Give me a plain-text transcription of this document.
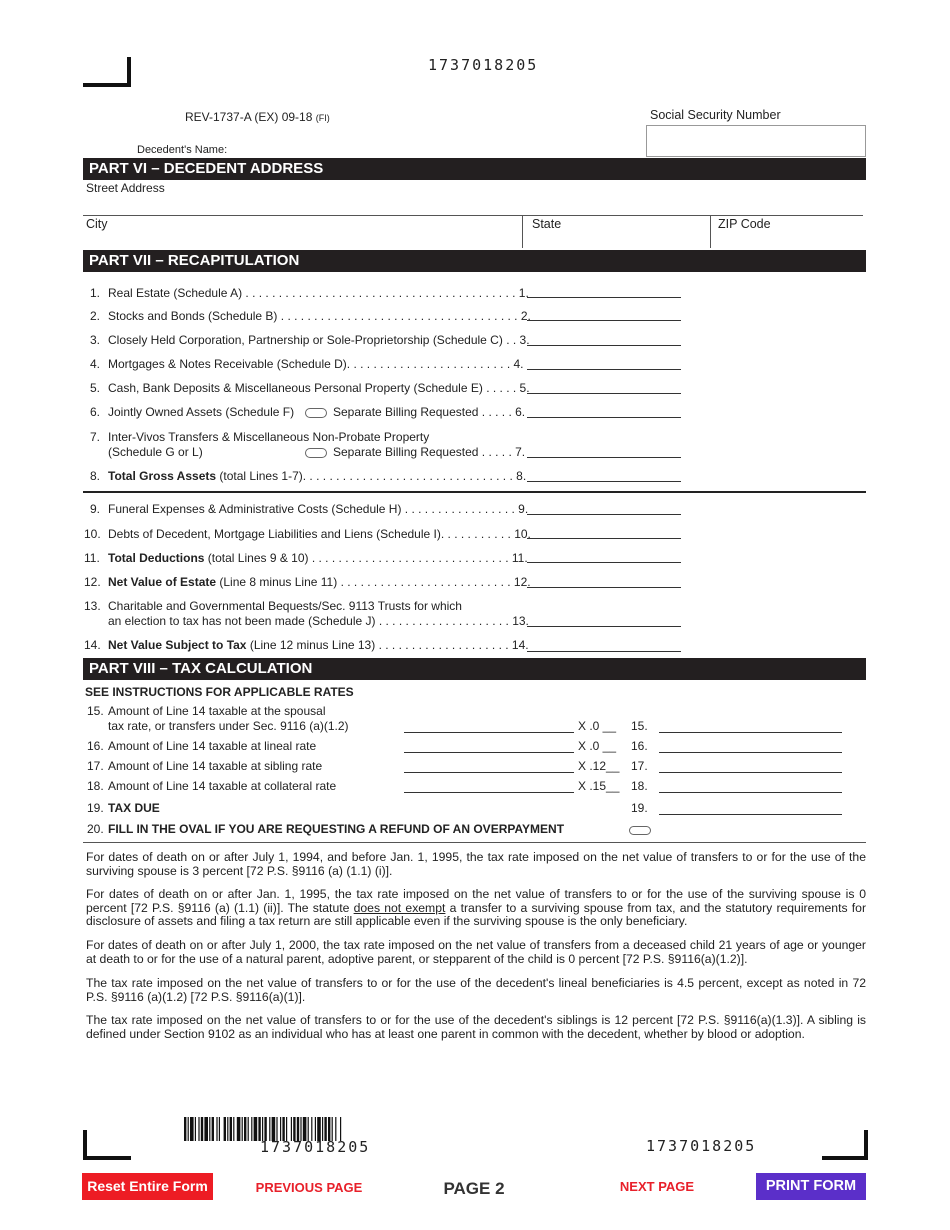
1737018205
REV-1737-A (EX) 09-18 (FI)	Social Security Number
Decedent's Name:
PART VI – DECEDENT ADDRESS
Street Address
City	State	ZIP Code
PART VII – RECAPITULATION
1. Real Estate (Schedule A) . . . . . . . . . . . . . . . . . . . . . . . . . . . . . . . . . . . . . . . . . 1.
2. Stocks and Bonds (Schedule B) . . . . . . . . . . . . . . . . . . . . . . . . . . . . . . . . . . . . 2.
3. Closely Held Corporation, Partnership or Sole-Proprietorship (Schedule C) . . 3.
4. Mortgages & Notes Receivable (Schedule D). . . . . . . . . . . . . . . . . . . . . . . . . 4.
5. Cash, Bank Deposits & Miscellaneous Personal Property (Schedule E) . . . . . 5.
6. Jointly Owned Assets (Schedule F)	Separate Billing Requested . . . . . 6.
7. Inter-Vivos Transfers & Miscellaneous Non-Probate Property
(Schedule G or L)	Separate Billing Requested . . . . . 7.
8. Total Gross Assets (total Lines 1-7). . . . . . . . . . . . . . . . . . . . . . . . . . . . . . . . 8.
9. Funeral Expenses & Administrative Costs (Schedule H) . . . . . . . . . . . . . . . . . 9.
10. Debts of Decedent, Mortgage Liabilities and Liens (Schedule I). . . . . . . . . . . 10.
11. Total Deductions (total Lines 9 & 10) . . . . . . . . . . . . . . . . . . . . . . . . . . . . . . 11.
12. Net Value of Estate (Line 8 minus Line 11) . . . . . . . . . . . . . . . . . . . . . . . . . . 12.
13. Charitable and Governmental Bequests/Sec. 9113 Trusts for which
an election to tax has not been made (Schedule J) . . . . . . . . . . . . . . . . . . . . 13.
14. Net Value Subject to Tax (Line 12 minus Line 13) . . . . . . . . . . . . . . . . . . . . 14.
PART VIII – TAX CALCULATION
SEE INSTRUCTIONS FOR APPLICABLE RATES
15. Amount of Line 14 taxable at the spousal
tax rate, or transfers under Sec. 9116 (a)(1.2)	X .0 __ 15.
16. Amount of Line 14 taxable at lineal rate	X .0 __ 16.
17. Amount of Line 14 taxable at sibling rate	X .12__ 17.
18. Amount of Line 14 taxable at collateral rate	X .15__ 18.
19. TAX DUE	19.
20. FILL IN THE OVAL IF YOU ARE REQUESTING A REFUND OF AN OVERPAYMENT
For dates of death on or after July 1, 1994, and before Jan. 1, 1995, the tax rate imposed on the net value of transfers to or for the use of the surviving spouse is 3 percent [72 P.S. §9116 (a) (1.1) (i)].
For dates of death on or after Jan. 1, 1995, the tax rate imposed on the net value of transfers to or for the use of the surviving spouse is 0 percent [72 P.S. §9116 (a) (1.1) (ii)]. The statute does not exempt a transfer to a surviving spouse from tax, and the statutory requirements for disclosure of assets and filing a tax return are still applicable even if the surviving spouse is the only beneficiary.
For dates of death on or after July 1, 2000, the tax rate imposed on the net value of transfers from a deceased child 21 years of age or younger at death to or for the use of a natural parent, adoptive parent, or stepparent of the child is 0 percent [72 P.S. §9116(a)(1.2)].
The tax rate imposed on the net value of transfers to or for the use of the decedent's lineal beneficiaries is 4.5 percent, except as noted in 72 P.S. §9116 (a)(1.2) [72 P.S. §9116(a)(1)].
The tax rate imposed on the net value of transfers to or for the use of the decedent's siblings is 12 percent [72 P.S. §9116(a)(1.3)]. A sibling is defined under Section 9102 as an individual who has at least one parent in common with the decedent, whether by blood or adoption.
1737018205	1737018205
Reset Entire Form	PREVIOUS PAGE	PAGE 2	NEXT PAGE	PRINT FORM
